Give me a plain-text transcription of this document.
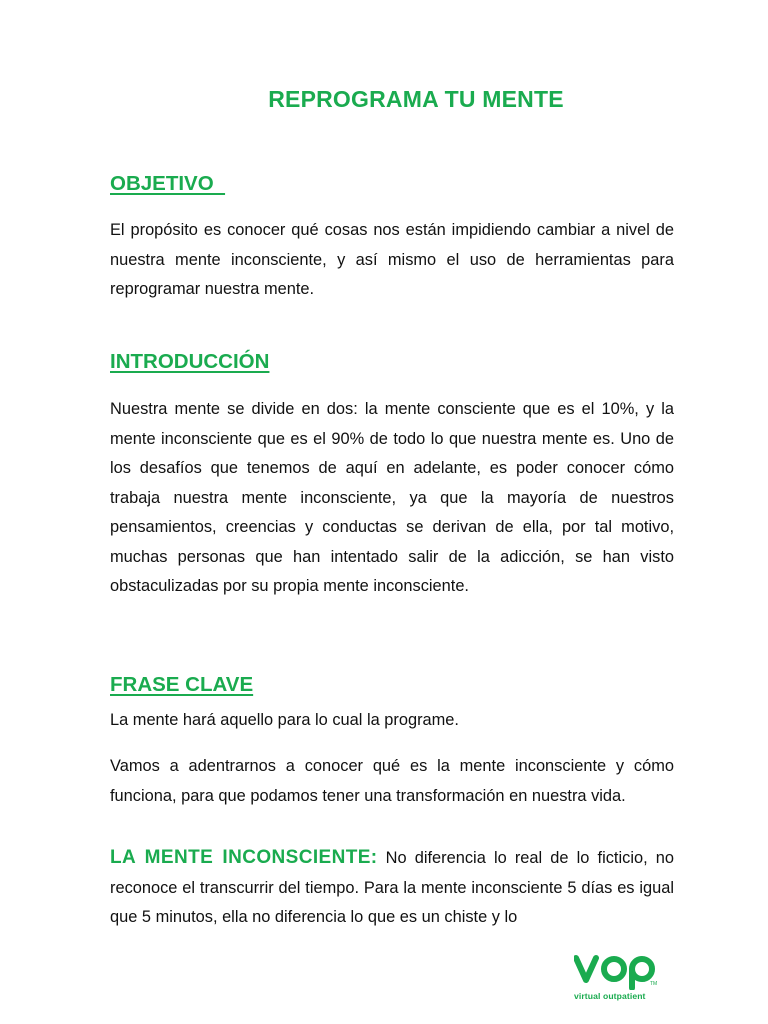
REPROGRAMA TU MENTE
OBJETIVO

El propósito es conocer qué cosas nos están impidiendo cambiar a nivel de nuestra mente inconsciente, y así mismo el uso de herramientas para reprogramar nuestra mente.

INTRODUCCIÓN

Nuestra mente se divide en dos: la mente consciente que es el 10%, y la mente inconsciente que es el 90% de todo lo que nuestra mente es. Uno de los desafíos que tenemos de aquí en adelante, es poder conocer cómo trabaja nuestra mente inconsciente, ya que la mayoría de nuestros pensamientos, creencias y conductas se derivan de ella, por tal motivo, muchas personas que han intentado salir de la adicción, se han visto obstaculizadas por su propia mente inconsciente.

FRASE CLAVE

La mente hará aquello para lo cual la programe.

Vamos a adentrarnos a conocer qué es la mente inconsciente y cómo funciona, para que podamos tener una transformación en nuestra vida.

LA MENTE INCONSCIENTE: No diferencia lo real de lo ficticio, no reconoce el transcurrir del tiempo. Para la mente inconsciente 5 días es igual que 5 minutos, ella no diferencia lo que es un chiste y lo

TM
virtual outpatient
